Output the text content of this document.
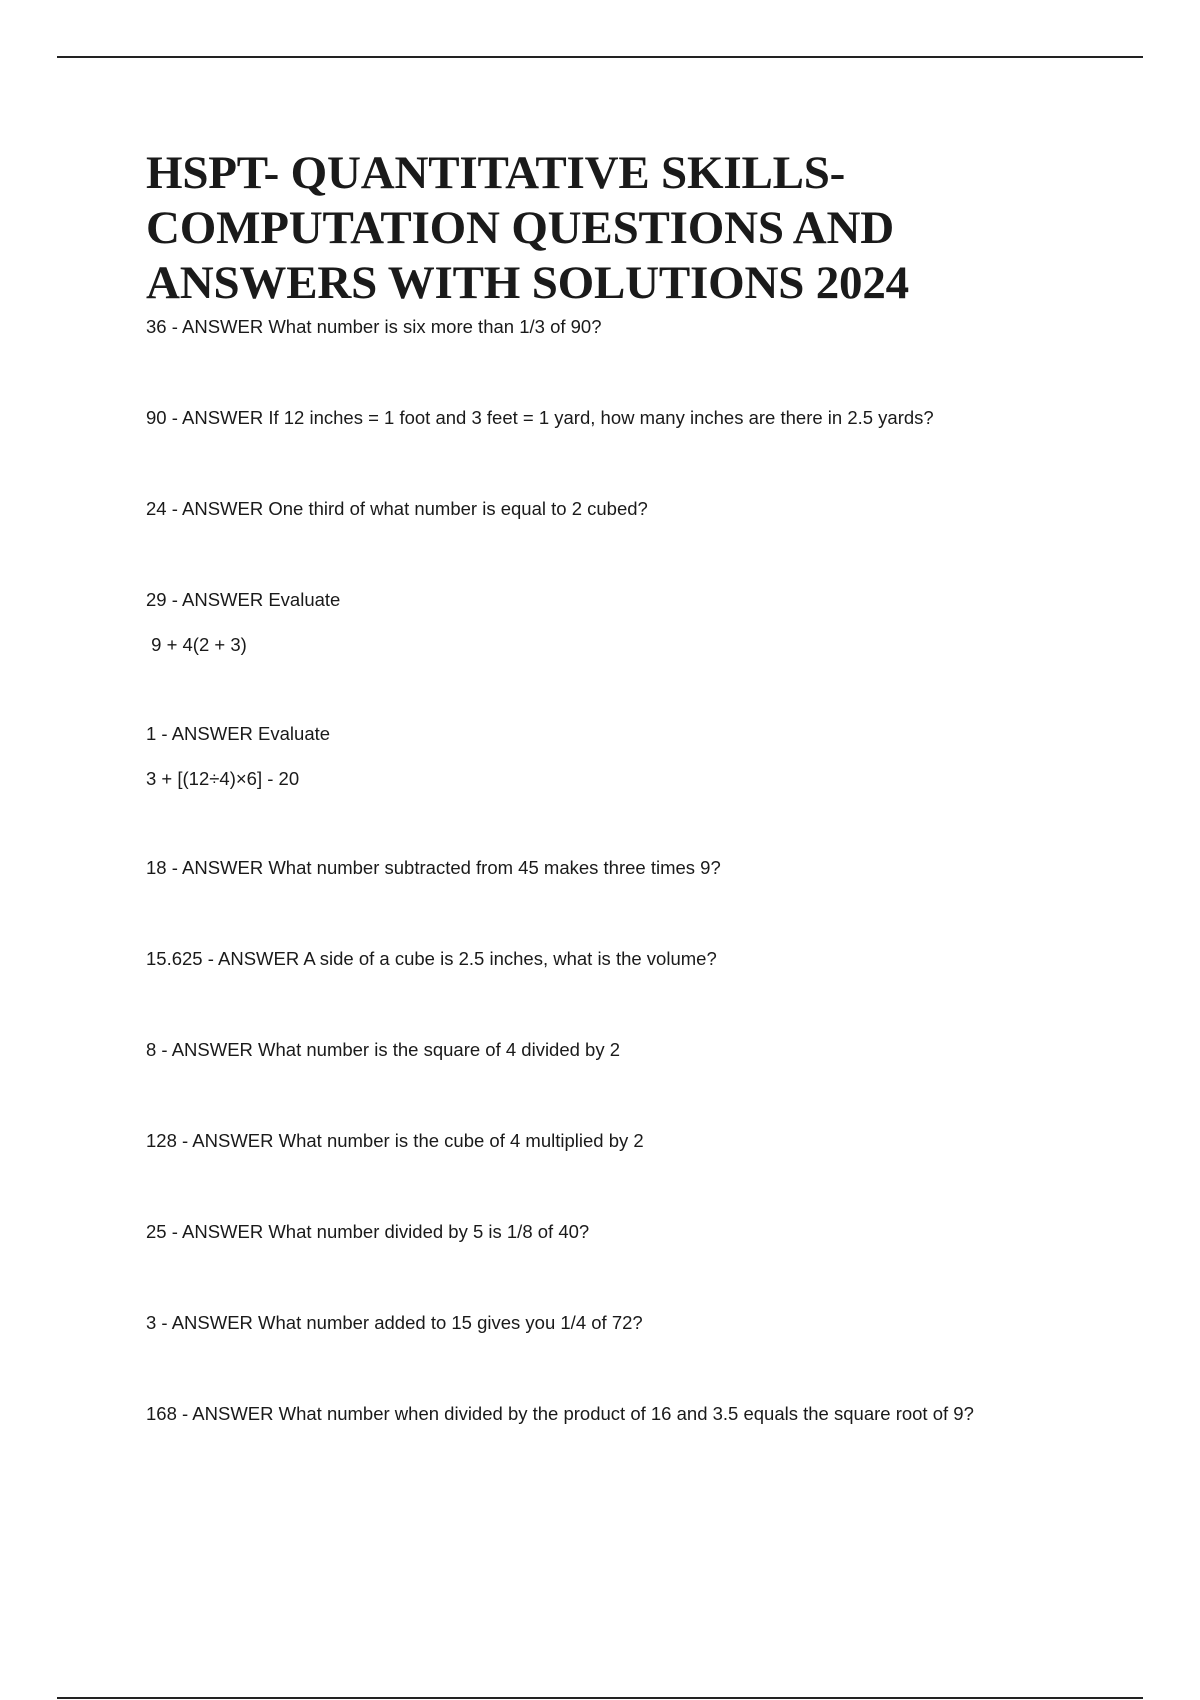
HSPT- QUANTITATIVE SKILLS-
COMPUTATION QUESTIONS AND
ANSWERS WITH SOLUTIONS 2024

36 - ANSWER What number is six more than 1/3 of 90?

90 - ANSWER If 12 inches = 1 foot and 3 feet = 1 yard, how many inches are there in 2.5 yards?

24 - ANSWER One third of what number is equal to 2 cubed?

29 - ANSWER Evaluate

9 + 4(2 + 3)

1 - ANSWER Evaluate

3 + [(12÷4)×6] - 20

18 - ANSWER What number subtracted from 45 makes three times 9?

15.625 - ANSWER A side of a cube is 2.5 inches, what is the volume?

8 - ANSWER What number is the square of 4 divided by 2

128 - ANSWER What number is the cube of 4 multiplied by 2

25 - ANSWER What number divided by 5 is 1/8 of 40?

3 - ANSWER What number added to 15 gives you 1/4 of 72?

168 - ANSWER What number when divided by the product of 16 and 3.5 equals the square root of 9?
